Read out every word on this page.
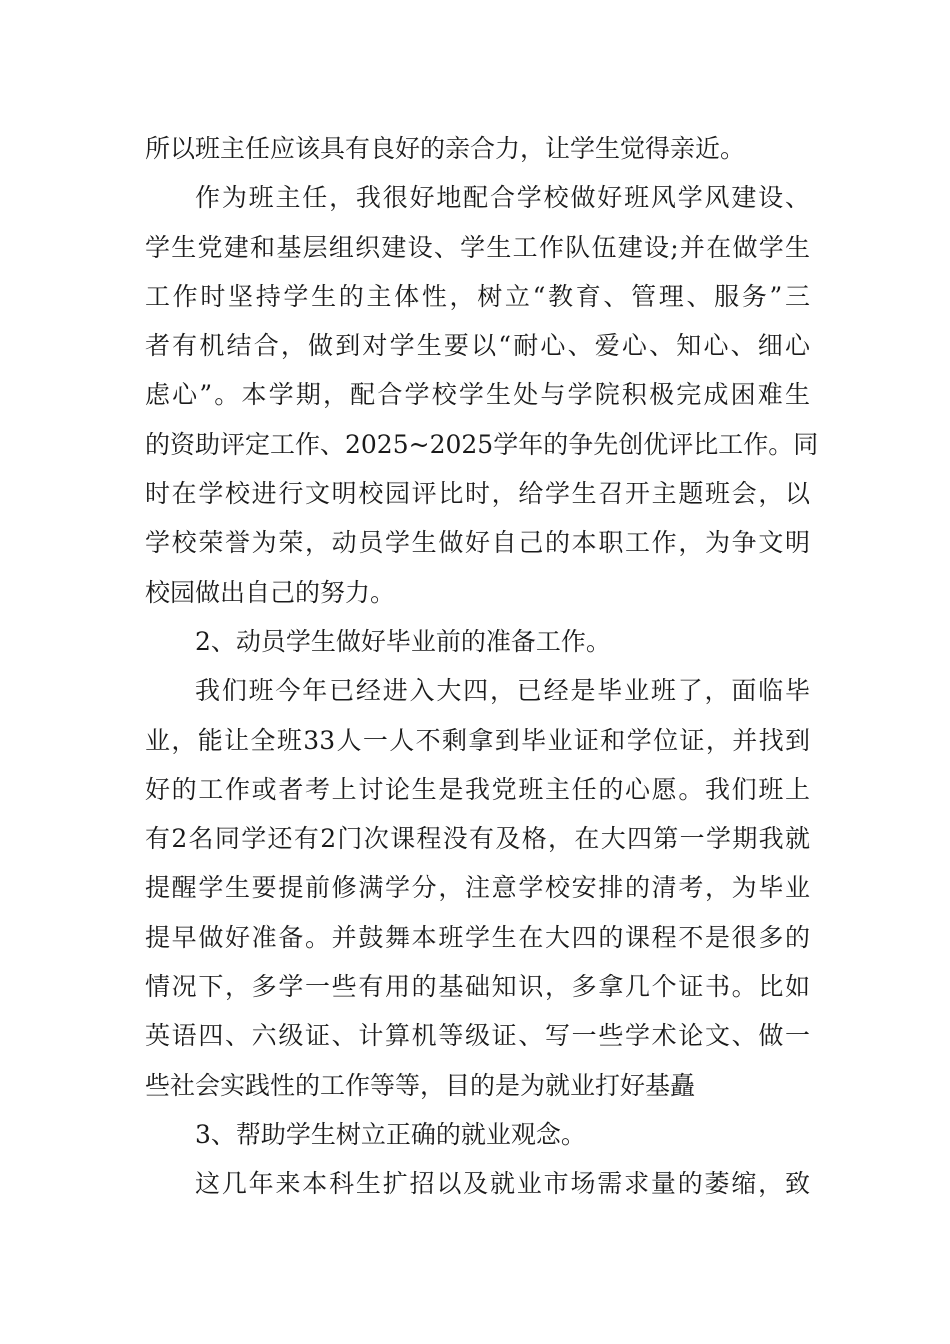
所以班主任应该具有良好的亲合力，让学生觉得亲近。
作为班主任，我很好地配合学校做好班风学风建设、
学生党建和基层组织建设、学生工作队伍建设;并在做学生
工作时坚持学生的主体性，树立“教育、管理、服务”三
者有机结合，做到对学生要以“耐心、爱心、知心、细心
虑心”。本学期，配合学校学生处与学院积极完成困难生
的资助评定工作、2025~2025学年的争先创优评比工作。同
时在学校进行文明校园评比时，给学生召开主题班会，以
学校荣誉为荣，动员学生做好自己的本职工作，为争文明
校园做出自己的努力。
2、动员学生做好毕业前的准备工作。
我们班今年已经进入大四，已经是毕业班了，面临毕
业，能让全班33人一人不剩拿到毕业证和学位证，并找到
好的工作或者考上讨论生是我党班主任的心愿。我们班上
有2名同学还有2门次课程没有及格，在大四第一学期我就
提醒学生要提前修满学分，注意学校安排的清考，为毕业
提早做好准备。并鼓舞本班学生在大四的课程不是很多的
情况下，多学一些有用的基础知识，多拿几个证书。比如
英语四、六级证、计算机等级证、写一些学术论文、做一
些社会实践性的工作等等，目的是为就业打好基矗
3、帮助学生树立正确的就业观念。
这几年来本科生扩招以及就业市场需求量的萎缩，致
